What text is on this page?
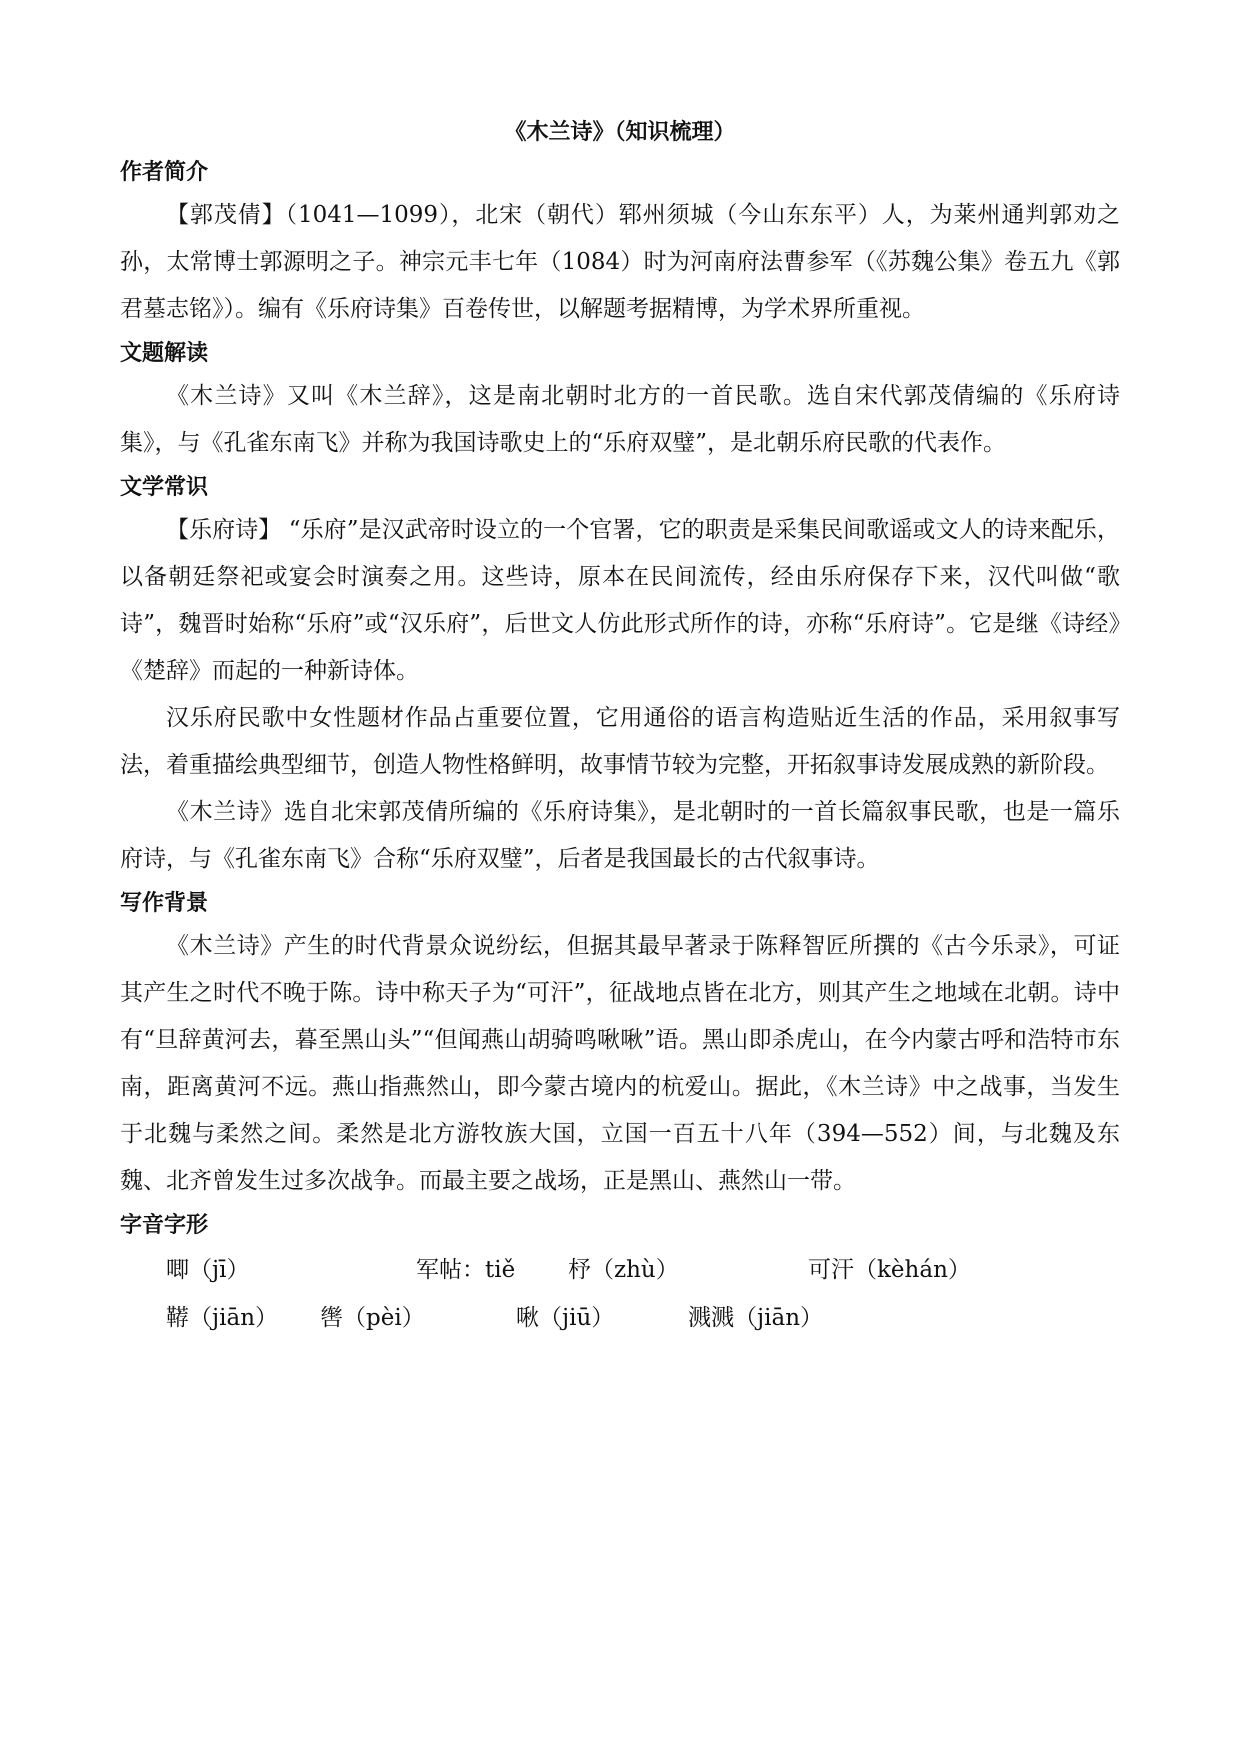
《木兰诗》（知识梳理）
作者简介

【郭茂倩】（1041—1099），北宋（朝代）郓州须城（今山东东平）人，为莱州通判郭劝之孙，太常博士郭源明之子。神宗元丰七年（1084）时为河南府法曹参军（《苏魏公集》卷五九《郭君墓志铭》）。编有《乐府诗集》百卷传世，以解题考据精博，为学术界所重视。

文题解读

《木兰诗》又叫《木兰辞》，这是南北朝时北方的一首民歌。选自宋代郭茂倩编的《乐府诗集》，与《孔雀东南飞》并称为我国诗歌史上的“乐府双璧”，是北朝乐府民歌的代表作。

文学常识

【乐府诗】 “乐府”是汉武帝时设立的一个官署，它的职责是采集民间歌谣或文人的诗来配乐，以备朝廷祭祀或宴会时演奏之用。这些诗，原本在民间流传，经由乐府保存下来，汉代叫做“歌诗”，魏晋时始称“乐府”或“汉乐府”，后世文人仿此形式所作的诗，亦称“乐府诗”。它是继《诗经》《楚辞》而起的一种新诗体。

汉乐府民歌中女性题材作品占重要位置，它用通俗的语言构造贴近生活的作品，采用叙事写法，着重描绘典型细节，创造人物性格鲜明，故事情节较为完整，开拓叙事诗发展成熟的新阶段。

《木兰诗》选自北宋郭茂倩所编的《乐府诗集》，是北朝时的一首长篇叙事民歌，也是一篇乐府诗，与《孔雀东南飞》合称“乐府双璧”，后者是我国最长的古代叙事诗。

写作背景

《木兰诗》产生的时代背景众说纷纭，但据其最早著录于陈释智匠所撰的《古今乐录》，可证其产生之时代不晚于陈。诗中称天子为“可汗”，征战地点皆在北方，则其产生之地域在北朝。诗中有“旦辞黄河去，暮至黑山头”“但闻燕山胡骑鸣啾啾”语。黑山即杀虎山，在今内蒙古呼和浩特市东南，距离黄河不远。燕山指燕然山，即今蒙古境内的杭爱山。据此，《木兰诗》中之战事，当发生于北魏与柔然之间。柔然是北方游牧族大国，立国一百五十八年（394—552）间，与北魏及东魏、北齐曾发生过多次战争。而最主要之战场，正是黑山、燕然山一带。

字音字形
唧（jī）	军帖：tiě 杼（zhù）	可汗（kèhán）
鞯（jiān） 辔（pèi）	啾（jiū）	溅溅（jiān）
